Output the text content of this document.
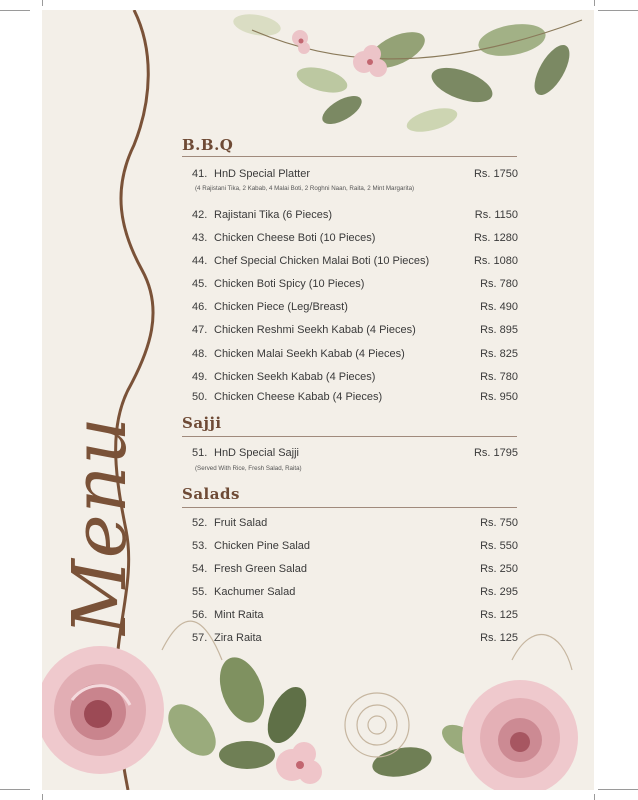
Menu
B.B.Q
41. HnD Special Platter	Rs. 1750
(4 Rajistani Tika, 2 Kabab, 4 Malai Boti, 2 Roghni Naan, Raita, 2 Mint Margarita)
42. Rajistani Tika (6 Pieces)	Rs. 1150
43. Chicken Cheese Boti (10 Pieces)	Rs. 1280
44. Chef Special Chicken Malai Boti (10 Pieces)	Rs. 1080
45. Chicken Boti Spicy (10 Pieces)	Rs. 780
46. Chicken Piece (Leg/Breast)	Rs. 490
47. Chicken Reshmi Seekh Kabab (4 Pieces)	Rs. 895
48. Chicken Malai Seekh Kabab (4 Pieces)	Rs. 825
49. Chicken Seekh Kabab (4 Pieces)	Rs. 780
50. Chicken Cheese Kabab (4 Pieces)	Rs. 950
Sajji
51. HnD Special Sajji	Rs. 1795
(Served With Rice, Fresh Salad, Raita)
Salads
52. Fruit Salad	Rs. 750
53. Chicken Pine Salad	Rs. 550
54. Fresh Green Salad	Rs. 250
55. Kachumer Salad	Rs. 295
56. Mint Raita	Rs. 125
57. Zira Raita	Rs. 125
